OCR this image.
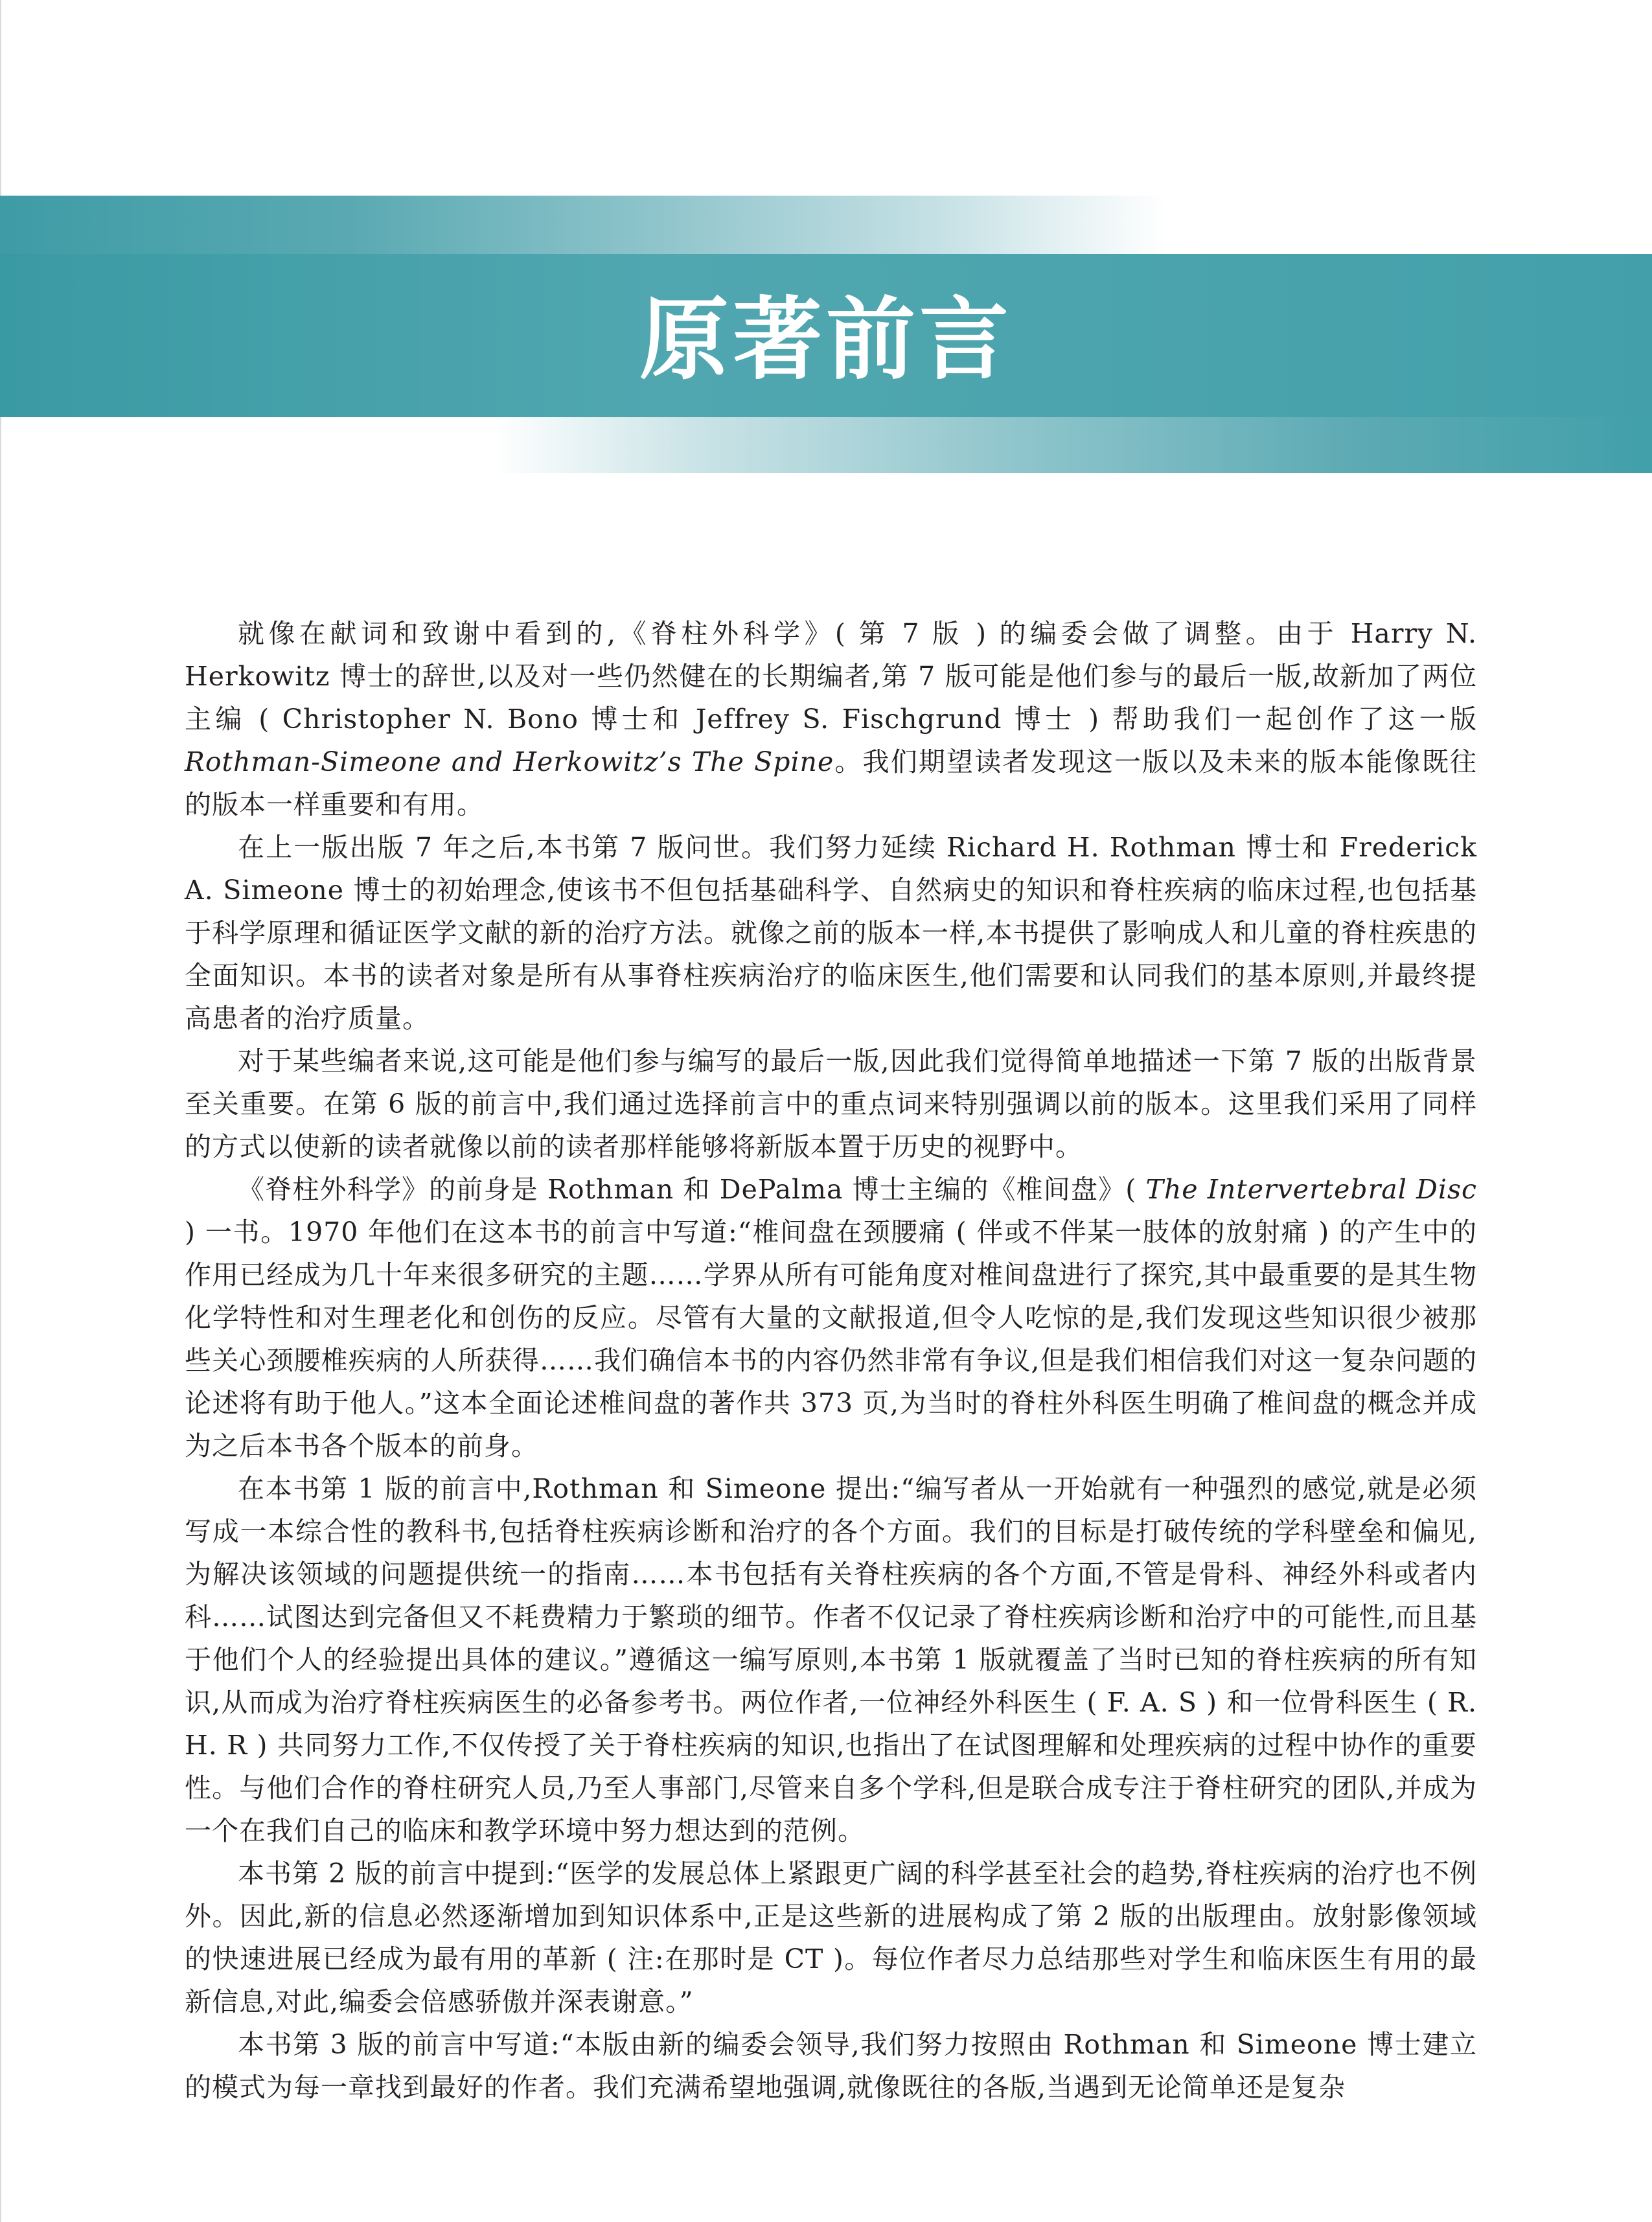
原著前言

就像在献词和致谢中看到的,《脊柱外科学》( 第 7 版 ) 的编委会做了调整。由于 Harry N. Herkowitz 博士的辞世,以及对一些仍然健在的长期编者,第 7 版可能是他们参与的最后一版,故新加了两位主编 ( Christopher N. Bono 博士和 Jeffrey S. Fischgrund 博士 ) 帮助我们一起创作了这一版 Rothman-Simeone and Herkowitz’s The Spine。我们期望读者发现这一版以及未来的版本能像既往的版本一样重要和有用。

在上一版出版 7 年之后,本书第 7 版问世。我们努力延续 Richard H. Rothman 博士和 Frederick A. Simeone 博士的初始理念,使该书不但包括基础科学、自然病史的知识和脊柱疾病的临床过程,也包括基于科学原理和循证医学文献的新的治疗方法。就像之前的版本一样,本书提供了影响成人和儿童的脊柱疾患的全面知识。本书的读者对象是所有从事脊柱疾病治疗的临床医生,他们需要和认同我们的基本原则,并最终提高患者的治疗质量。

对于某些编者来说,这可能是他们参与编写的最后一版,因此我们觉得简单地描述一下第 7 版的出版背景至关重要。在第 6 版的前言中,我们通过选择前言中的重点词来特别强调以前的版本。这里我们采用了同样的方式以使新的读者就像以前的读者那样能够将新版本置于历史的视野中。

《脊柱外科学》的前身是 Rothman 和 DePalma 博士主编的《椎间盘》( The Intervertebral Disc ) 一书。1970 年他们在这本书的前言中写道:“椎间盘在颈腰痛 ( 伴或不伴某一肢体的放射痛 ) 的产生中的作用已经成为几十年来很多研究的主题……学界从所有可能角度对椎间盘进行了探究,其中最重要的是其生物化学特性和对生理老化和创伤的反应。尽管有大量的文献报道,但令人吃惊的是,我们发现这些知识很少被那些关心颈腰椎疾病的人所获得……我们确信本书的内容仍然非常有争议,但是我们相信我们对这一复杂问题的论述将有助于他人。”这本全面论述椎间盘的著作共 373 页,为当时的脊柱外科医生明确了椎间盘的概念并成为之后本书各个版本的前身。

在本书第 1 版的前言中,Rothman 和 Simeone 提出:“编写者从一开始就有一种强烈的感觉,就是必须写成一本综合性的教科书,包括脊柱疾病诊断和治疗的各个方面。我们的目标是打破传统的学科壁垒和偏见,为解决该领域的问题提供统一的指南……本书包括有关脊柱疾病的各个方面,不管是骨科、神经外科或者内科……试图达到完备但又不耗费精力于繁琐的细节。作者不仅记录了脊柱疾病诊断和治疗中的可能性,而且基于他们个人的经验提出具体的建议。”遵循这一编写原则,本书第 1 版就覆盖了当时已知的脊柱疾病的所有知识,从而成为治疗脊柱疾病医生的必备参考书。两位作者,一位神经外科医生 ( F. A. S ) 和一位骨科医生 ( R. H. R ) 共同努力工作,不仅传授了关于脊柱疾病的知识,也指出了在试图理解和处理疾病的过程中协作的重要性。与他们合作的脊柱研究人员,乃至人事部门,尽管来自多个学科,但是联合成专注于脊柱研究的团队,并成为一个在我们自己的临床和教学环境中努力想达到的范例。

本书第 2 版的前言中提到:“医学的发展总体上紧跟更广阔的科学甚至社会的趋势,脊柱疾病的治疗也不例外。因此,新的信息必然逐渐增加到知识体系中,正是这些新的进展构成了第 2 版的出版理由。放射影像领域的快速进展已经成为最有用的革新 ( 注:在那时是 CT )。每位作者尽力总结那些对学生和临床医生有用的最新信息,对此,编委会倍感骄傲并深表谢意。”

本书第 3 版的前言中写道:“本版由新的编委会领导,我们努力按照由 Rothman 和 Simeone 博士建立的模式为每一章找到最好的作者。我们充满希望地强调,就像既往的各版,当遇到无论简单还是复杂
